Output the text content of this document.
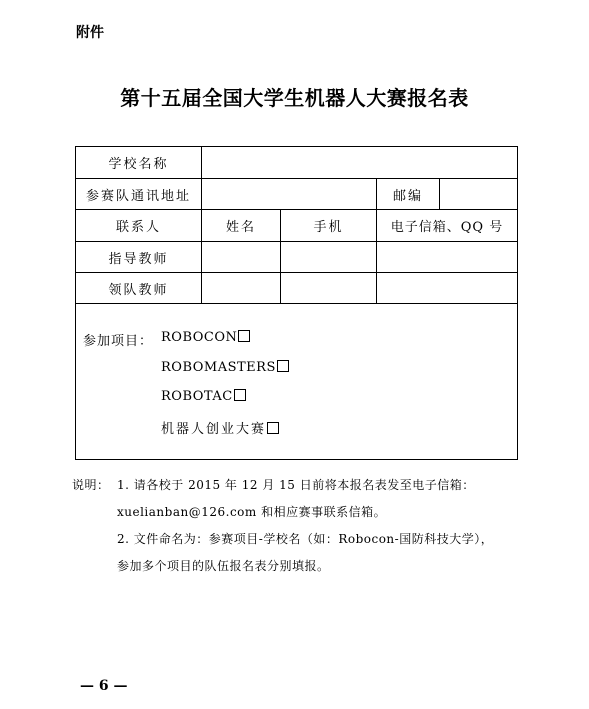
附件
第十五届全国大学生机器人大赛报名表
学校名称
参赛队通讯地址	邮编
联系人	姓名	手机	电子信箱、QQ 号
指导教师
领队教师
参加项目： ROBOCON
ROBOMASTERS
ROBOTAC
机器人创业大赛
说明： 1. 请各校于 2015 年 12 月 15 日前将本报名表发至电子信箱：
xuelianban@126.com 和相应赛事联系信箱。
2. 文件命名为：参赛项目-学校名（如：Robocon-国防科技大学），
参加多个项目的队伍报名表分别填报。
— 6 —
